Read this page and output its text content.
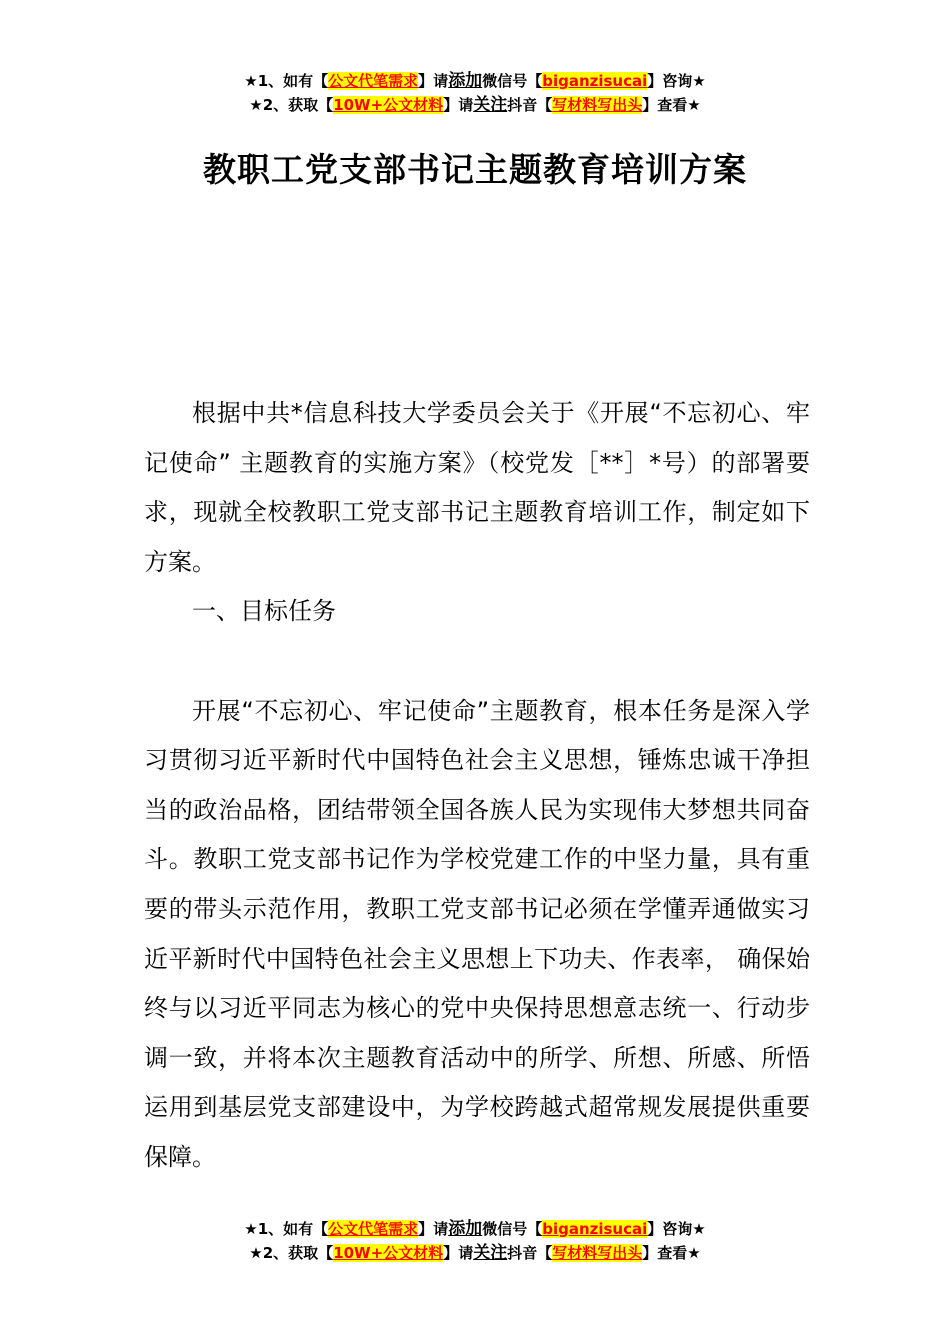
★1、如有【公文代笔需求】请添加微信号【biganzisucai】咨询★
★2、获取【10W+公文材料】请关注抖音【写材料写出头】查看★
教职工党支部书记主题教育培训方案

根据中共*信息科技大学委员会关于《开展“不忘初心、牢记使命” 主题教育的实施方案》（校党发［**］*号）的部署要求，现就全校教职工党支部书记主题教育培训工作，制定如下方案。

一、目标任务

开展“不忘初心、牢记使命”主题教育，根本任务是深入学习贯彻习近平新时代中国特色社会主义思想，锤炼忠诚干净担当的政治品格，团结带领全国各族人民为实现伟大梦想共同奋斗。教职工党支部书记作为学校党建工作的中坚力量，具有重要的带头示范作用，教职工党支部书记必须在学懂弄通做实习近平新时代中国特色社会主义思想上下功夫、作表率， 确保始终与以习近平同志为核心的党中央保持思想意志统一、行动步调一致，并将本次主题教育活动中的所学、所想、所感、所悟运用到基层党支部建设中，为学校跨越式超常规发展提供重要保障。

★1、如有【公文代笔需求】请添加微信号【biganzisucai】咨询★
★2、获取【10W+公文材料】请关注抖音【写材料写出头】查看★
